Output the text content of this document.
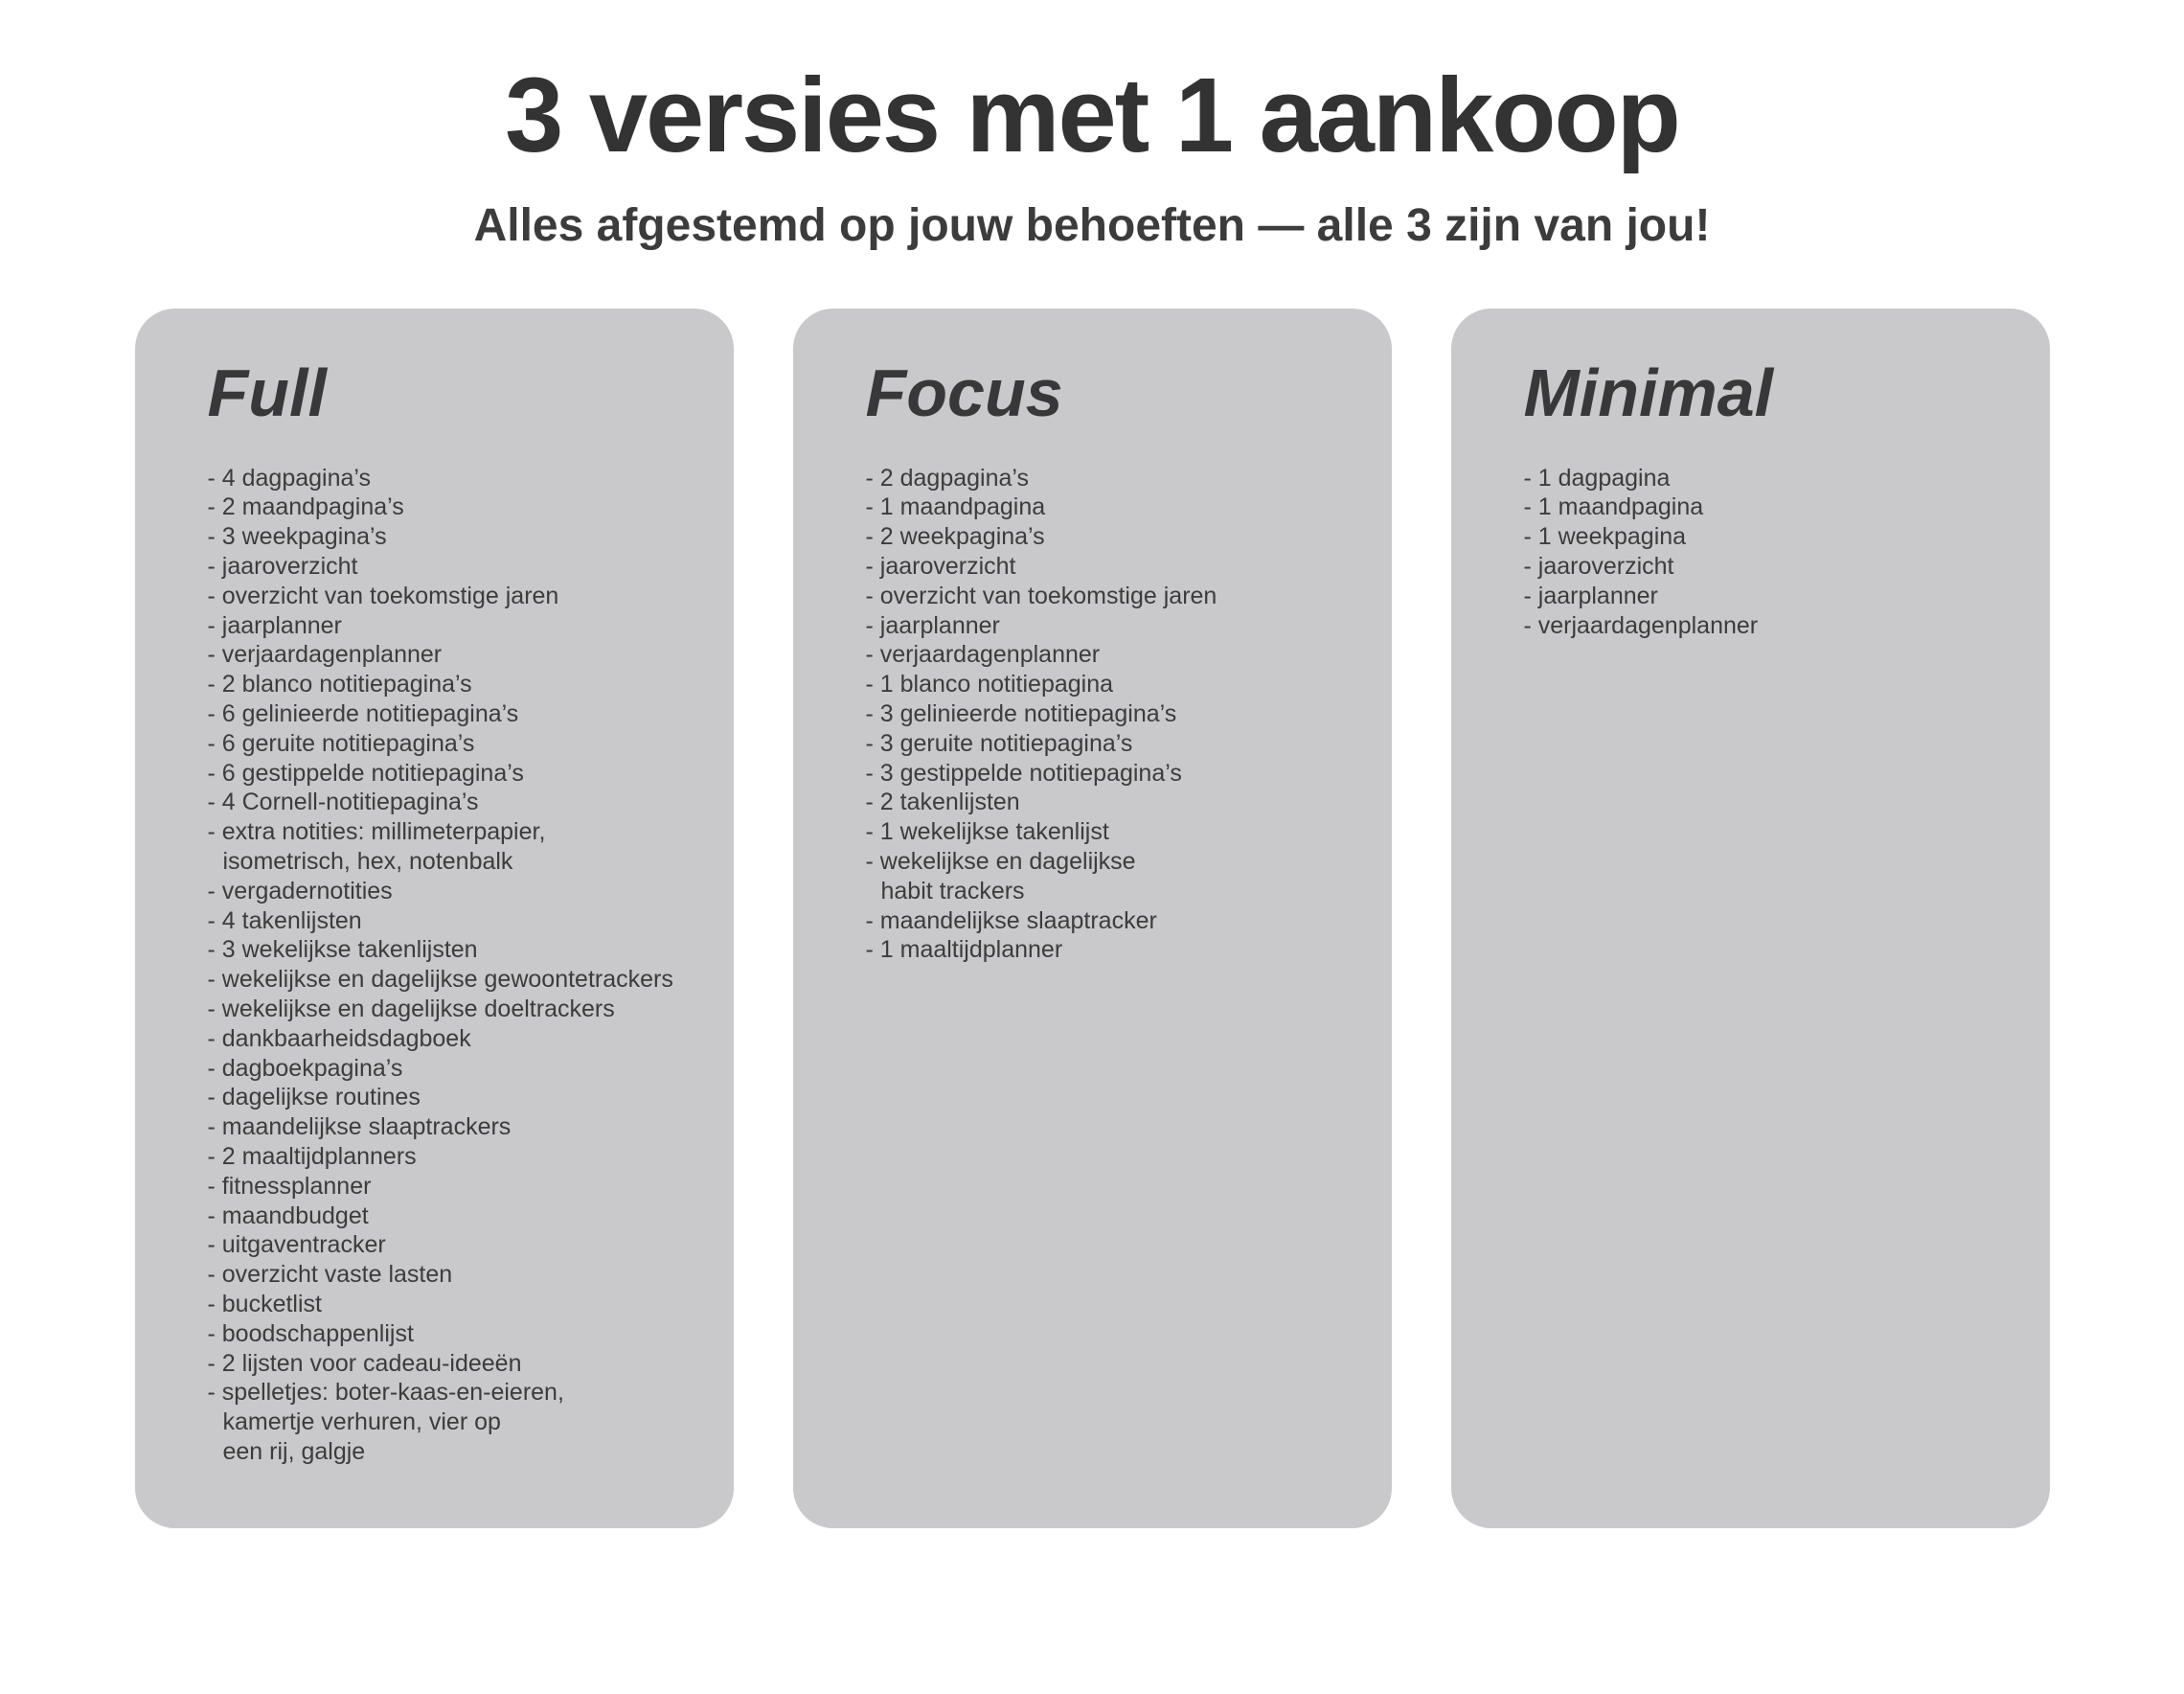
3 versies met 1 aankoop

Alles afgestemd op jouw behoeften — alle 3 zijn van jou!

Full
- 4 dagpagina’s
- 2 maandpagina’s
- 3 weekpagina’s
- jaaroverzicht
- overzicht van toekomstige jaren
- jaarplanner
- verjaardagenplanner
- 2 blanco notitiepagina’s
- 6 gelinieerde notitiepagina’s
- 6 geruite notitiepagina’s
- 6 gestippelde notitiepagina’s
- 4 Cornell-notitiepagina’s
- extra notities: millimeterpapier,
isometrisch, hex, notenbalk
- vergadernotities
- 4 takenlijsten
- 3 wekelijkse takenlijsten
- wekelijkse en dagelijkse gewoontetrackers
- wekelijkse en dagelijkse doeltrackers
- dankbaarheidsdagboek
- dagboekpagina’s
- dagelijkse routines
- maandelijkse slaaptrackers
- 2 maaltijdplanners
- fitnessplanner
- maandbudget
- uitgaventracker
- overzicht vaste lasten
- bucketlist
- boodschappenlijst
- 2 lijsten voor cadeau-ideeën
- spelletjes: boter-kaas-en-eieren,
kamertje verhuren, vier op
een rij, galgje
Focus
- 2 dagpagina’s
- 1 maandpagina
- 2 weekpagina’s
- jaaroverzicht
- overzicht van toekomstige jaren
- jaarplanner
- verjaardagenplanner
- 1 blanco notitiepagina
- 3 gelinieerde notitiepagina’s
- 3 geruite notitiepagina’s
- 3 gestippelde notitiepagina’s
- 2 takenlijsten
- 1 wekelijkse takenlijst
- wekelijkse en dagelijkse
habit trackers
- maandelijkse slaaptracker
- 1 maaltijdplanner
Minimal
- 1 dagpagina
- 1 maandpagina
- 1 weekpagina
- jaaroverzicht
- jaarplanner
- verjaardagenplanner
